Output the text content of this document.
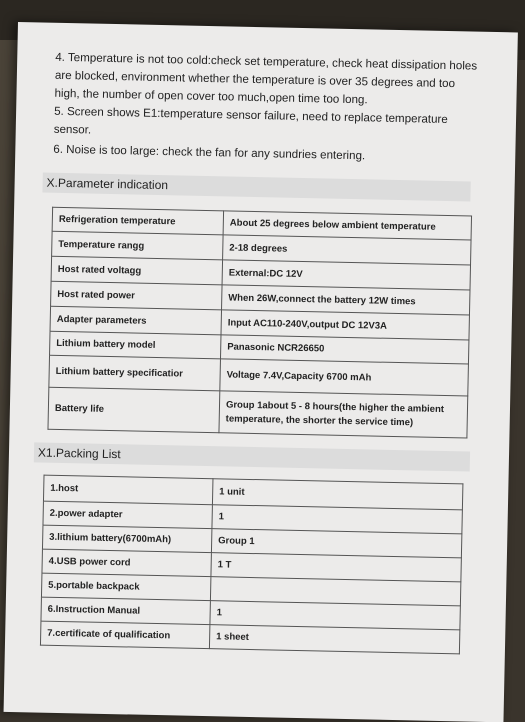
4. Temperature is not too cold:check set temperature, check heat dissipation holes
are blocked, environment whether the temperature is over 35 degrees and too
high, the number of open cover too much,open time too long.
5. Screen shows E1:temperature sensor failure, need to replace temperature
sensor.
6. Noise is too large: check the fan for any sundries entering.
X.Parameter indication
Refrigeration temperature	About 25 degrees below ambient temperature
Temperature rangg	2-18 degrees
Host rated voltagg	External:DC 12V
Host rated power	When 26W,connect the battery 12W times
Adapter parameters	Input AC110-240V,output DC 12V3A
Lithium battery model	Panasonic NCR26650
Lithium battery specificatior	Voltage 7.4V,Capacity 6700 mAh
Battery life	Group 1about 5 - 8 hours(the higher the ambient temperature, the shorter the service time)
X1.Packing List
1.host	1 unit
2.power adapter	1
3.lithium battery(6700mAh)	Group 1
4.USB power cord	1 T
5.portable backpack	
6.Instruction Manual	1
7.certificate of qualification	1 sheet
